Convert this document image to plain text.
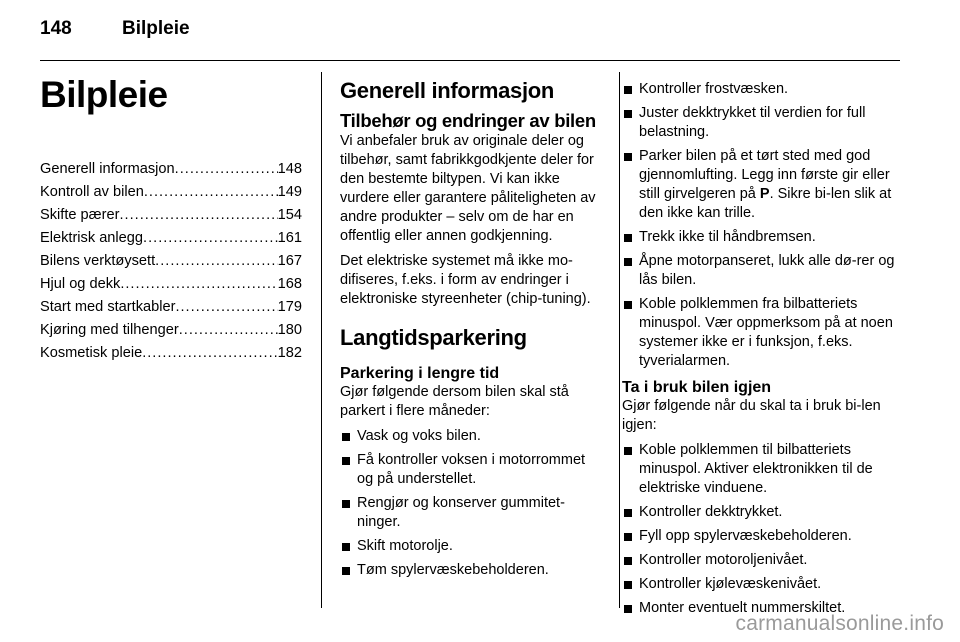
148	Bilpleie
Bilpleie
Generell informasjon .....	148
Kontroll av bilen .....	149
Skifte pærer .....	154
Elektrisk anlegg .....	161
Bilens verktøysett .....	167
Hjul og dekk .....	168
Start med startkabler .....	179
Kjøring med tilhenger .....	180
Kosmetisk pleie .....	182
Generell informasjon
Tilbehør og endringer av bilen

Vi anbefaler bruk av originale deler og tilbehør, samt fabrikkgodkjente deler for den bestemte biltypen. Vi kan ikke vurdere eller garantere påliteligheten av andre produkter – selv om de har en offentlig eller annen godkjenning.

Det elektriske systemet må ikke mo-difiseres, f.eks. i form av endringer i elektroniske styreenheter (chip-tuning).

Langtidsparkering
Parkering i lengre tid

Gjør følgende dersom bilen skal stå parkert i flere måneder:

Vask og voks bilen.
Få kontroller voksen i motorrommet og på understellet.
Rengjør og konserver gummitet-ninger.
Skift motorolje.
Tøm spylervæskebeholderen.
Kontroller frostvæsken.
Juster dekktrykket til verdien for full belastning.
Parker bilen på et tørt sted med god gjennomlufting. Legg inn første gir eller still girvelgeren på P. Sikre bi-len slik at den ikke kan trille.
Trekk ikke til håndbremsen.
Åpne motorpanseret, lukk alle dø-rer og lås bilen.
Koble polklemmen fra bilbatteriets minuspol. Vær oppmerksom på at noen systemer ikke er i funksjon, f.eks. tyverialarmen.
Ta i bruk bilen igjen

Gjør følgende når du skal ta i bruk bi-len igjen:

Koble polklemmen til bilbatteriets minuspol. Aktiver elektronikken til de elektriske vinduene.
Kontroller dekktrykket.
Fyll opp spylervæskebeholderen.
Kontroller motoroljenivået.
Kontroller kjølevæskenivået.
Monter eventuelt nummerskiltet.
carmanualsonline.info
